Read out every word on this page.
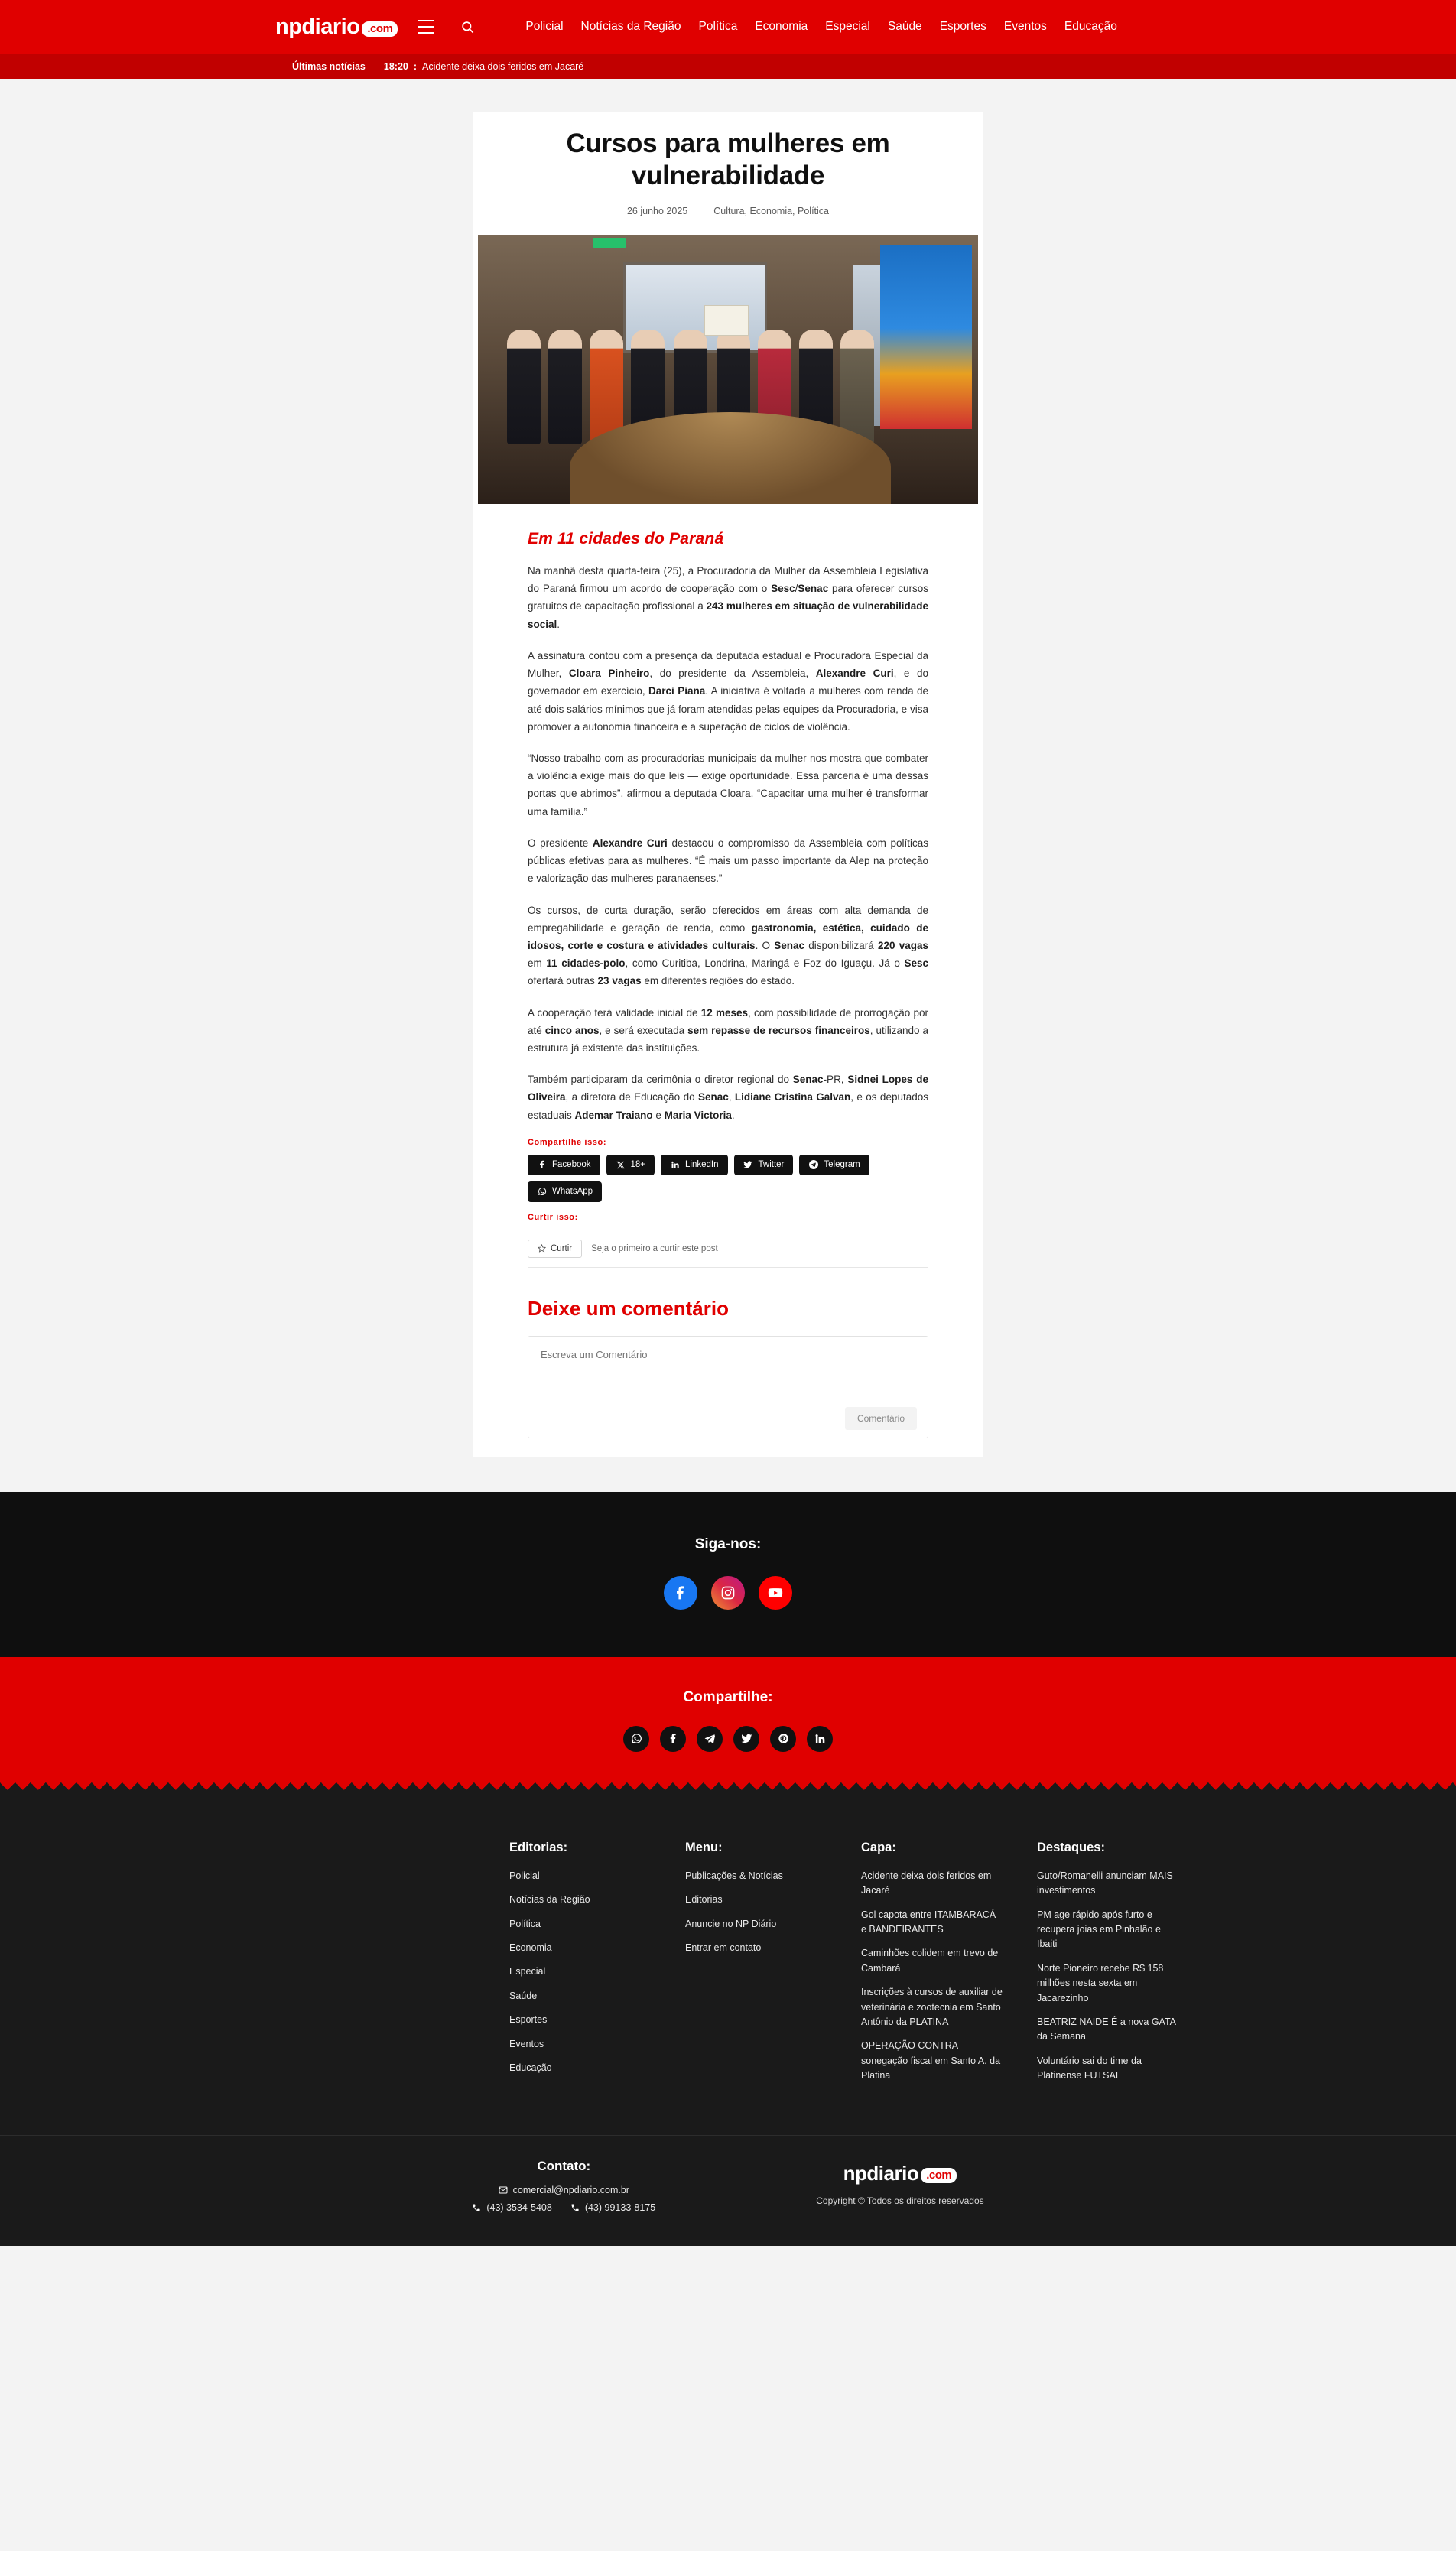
npdiario .com	Policial Notícias da Região Política Economia Especial Saúde Esportes Eventos Educação
Últimas notícias 18:20 : Acidente deixa dois feridos em Jacaré
Cursos para mulheres em vulnerabilidade
26 junho 2025	Cultura, Economia, Política
Em 11 cidades do Paraná

Na manhã desta quarta-feira (25), a Procuradoria da Mulher da Assembleia Legislativa do Paraná firmou um acordo de cooperação com o Sesc/Senac para oferecer cursos gratuitos de capacitação profissional a 243 mulheres em situação de vulnerabilidade social.

A assinatura contou com a presença da deputada estadual e Procuradora Especial da Mulher, Cloara Pinheiro, do presidente da Assembleia, Alexandre Curi, e do governador em exercício, Darci Piana. A iniciativa é voltada a mulheres com renda de até dois salários mínimos que já foram atendidas pelas equipes da Procuradoria, e visa promover a autonomia financeira e a superação de ciclos de violência.

“Nosso trabalho com as procuradorias municipais da mulher nos mostra que combater a violência exige mais do que leis — exige oportunidade. Essa parceria é uma dessas portas que abrimos”, afirmou a deputada Cloara. “Capacitar uma mulher é transformar uma família.”

O presidente Alexandre Curi destacou o compromisso da Assembleia com políticas públicas efetivas para as mulheres. “É mais um passo importante da Alep na proteção e valorização das mulheres paranaenses.”

Os cursos, de curta duração, serão oferecidos em áreas com alta demanda de empregabilidade e geração de renda, como gastronomia, estética, cuidado de idosos, corte e costura e atividades culturais. O Senac disponibilizará 220 vagas em 11 cidades-polo, como Curitiba, Londrina, Maringá e Foz do Iguaçu. Já o Sesc ofertará outras 23 vagas em diferentes regiões do estado.

A cooperação terá validade inicial de 12 meses, com possibilidade de prorrogação por até cinco anos, e será executada sem repasse de recursos financeiros, utilizando a estrutura já existente das instituições.

Também participaram da cerimônia o diretor regional do Senac-PR, Sidnei Lopes de Oliveira, a diretora de Educação do Senac, Lidiane Cristina Galvan, e os deputados estaduais Ademar Traiano e Maria Victoria.

Compartilhe isso:
Facebook	18+	LinkedIn	Twitter	Telegram
WhatsApp
Curtir isso:
Curtir Seja o primeiro a curtir este post
Deixe um comentário
Escreva um Comentário
Comentário
Siga-nos:
Compartilhe:
Editorias:
Policial
Notícias da Região
Política
Economia
Especial
Saúde
Esportes
Eventos
Educação
Menu:
Publicações & Notícias
Editorias
Anuncie no NP Diário
Entrar em contato
Capa:
Acidente deixa dois feridos em Jacaré
Gol capota entre ITAMBARACÁ e BANDEIRANTES
Caminhões colidem em trevo de Cambará
Inscrições à cursos de auxiliar de veterinária e zootecnia em Santo Antônio da PLATINA
OPERAÇÃO CONTRA sonegação fiscal em Santo A. da Platina
Destaques:
Guto/Romanelli anunciam MAIS investimentos
PM age rápido após furto e recupera joias em Pinhalão e Ibaiti
Norte Pioneiro recebe R$ 158 milhões nesta sexta em Jacarezinho
BEATRIZ NAIDE É a nova GATA da Semana
Voluntário sai do time da Platinense FUTSAL
Contato:
comercial@npdiario.com.br
(43) 3534-5408	(43) 99133-8175
npdiario .com
Copyright © Todos os direitos reservados
